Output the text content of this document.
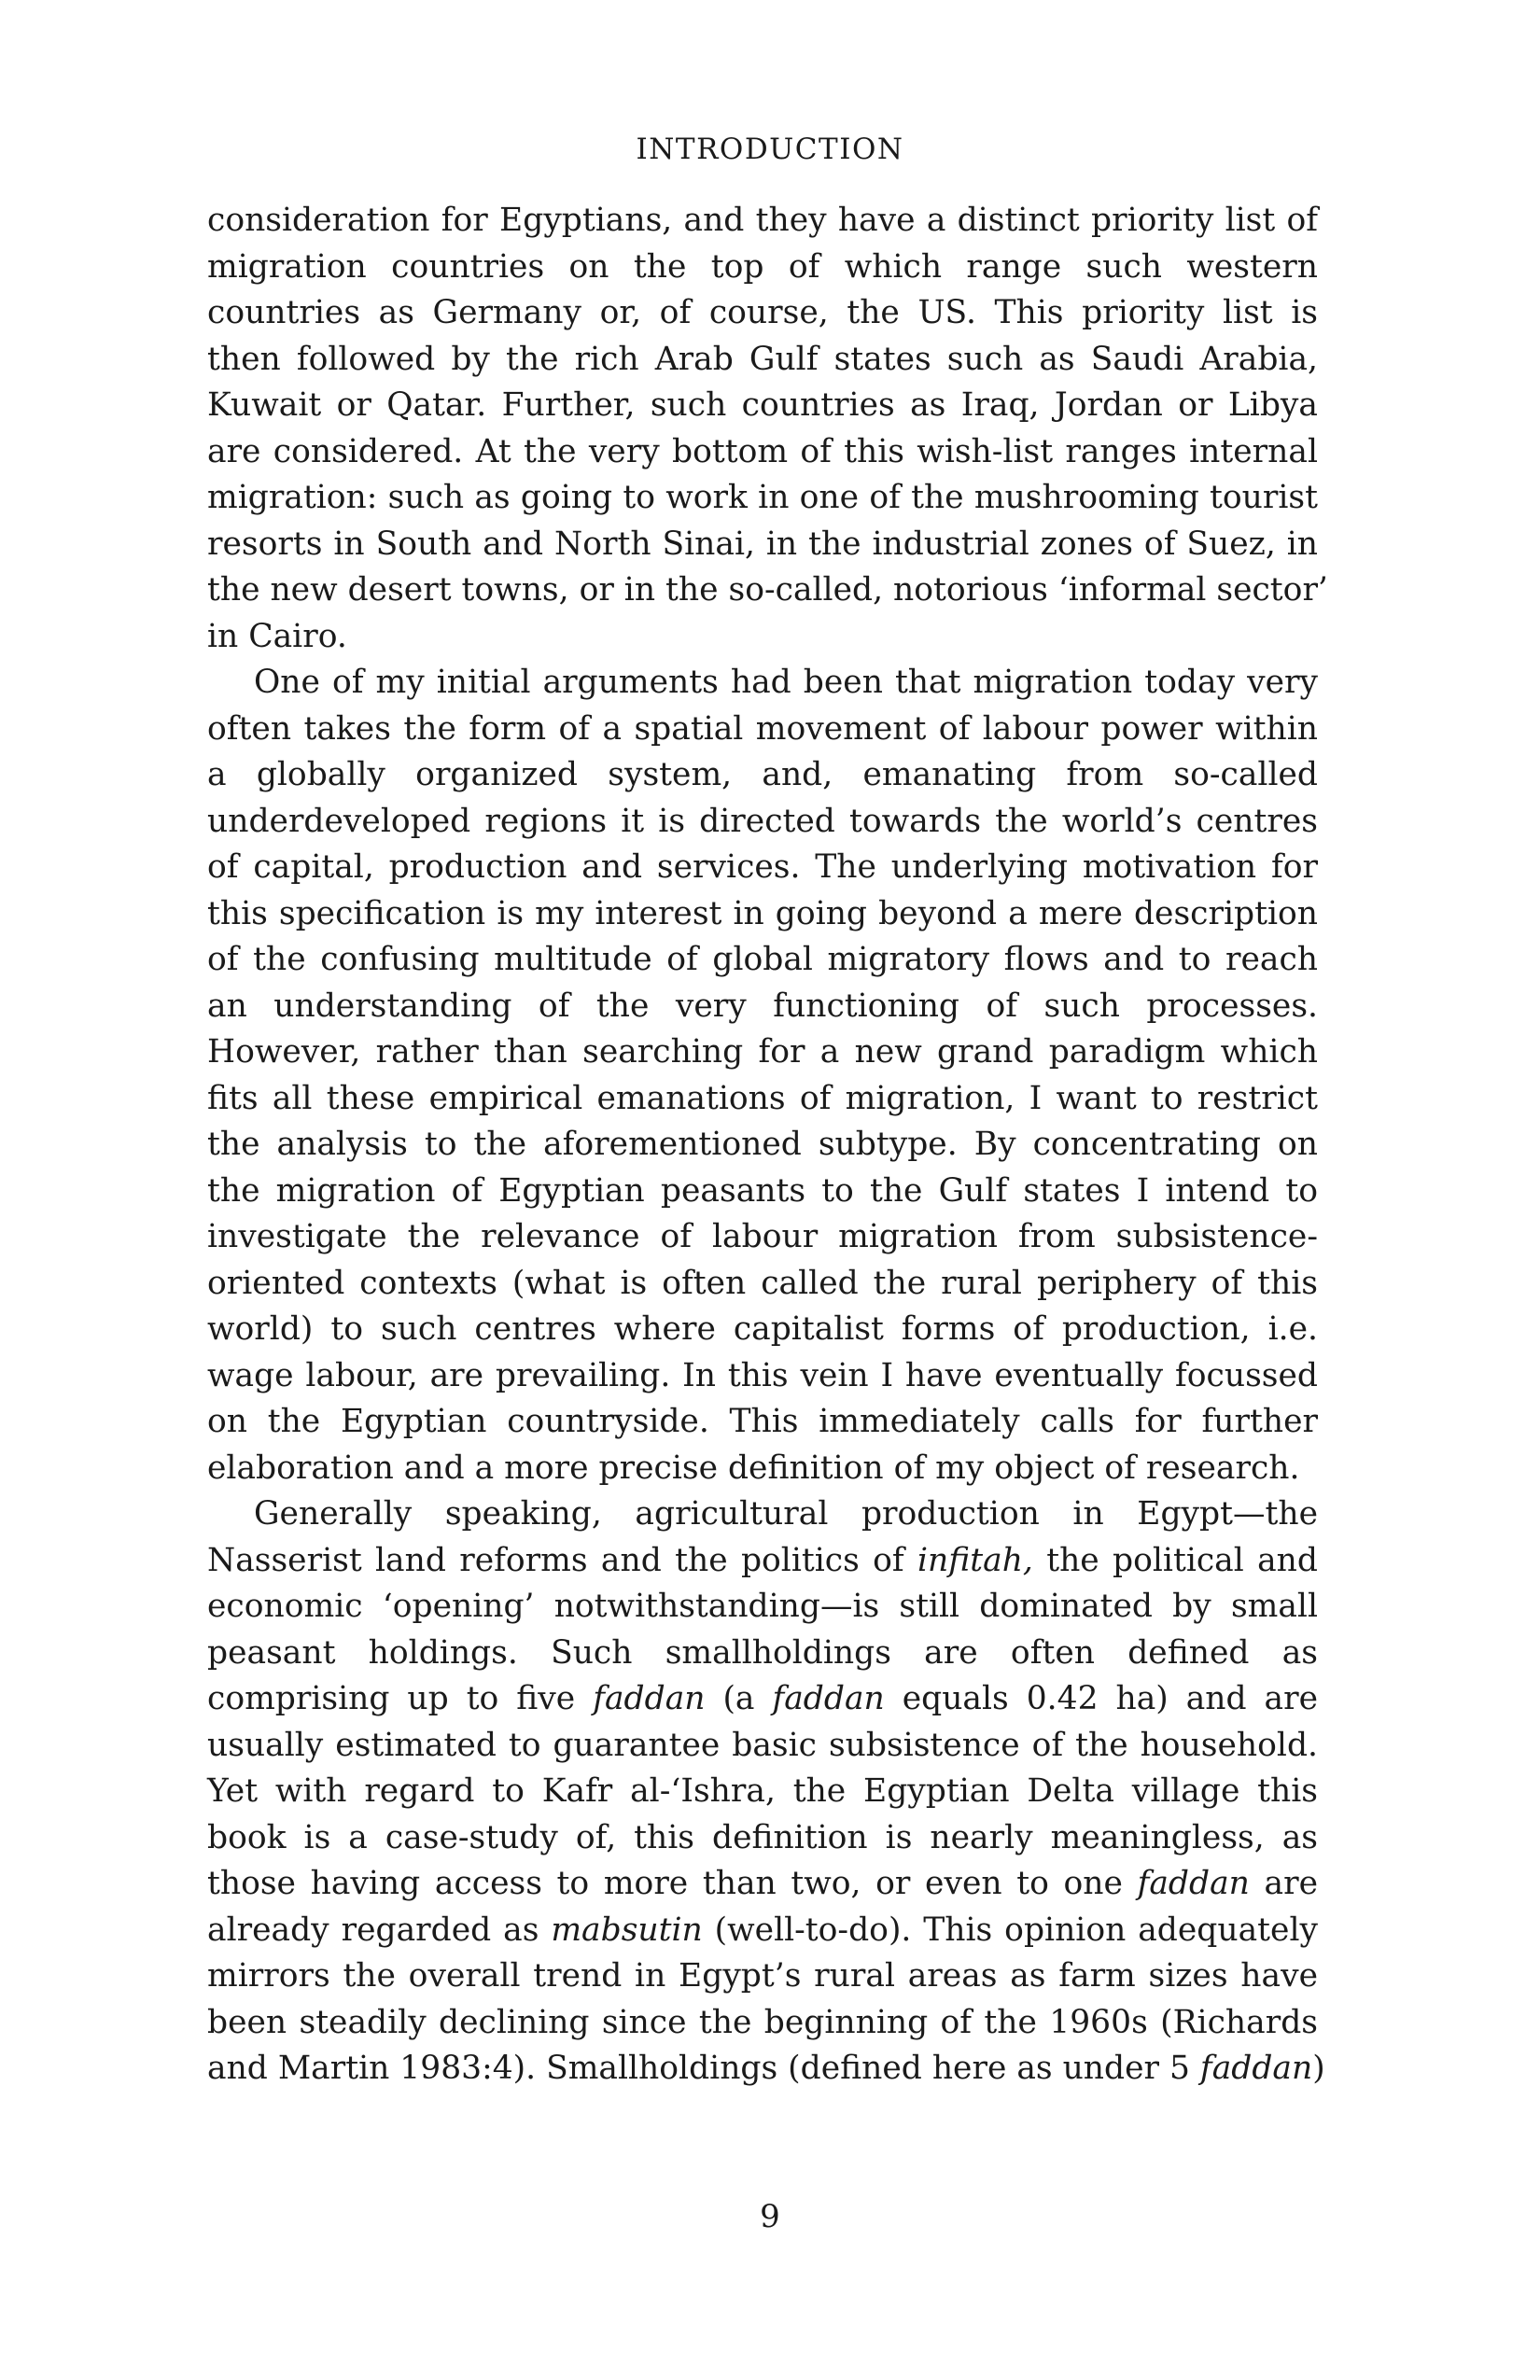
INTRODUCTION

consideration for Egyptians, and they have a distinct priority list of
migration countries on the top of which range such western
countries as Germany or, of course, the US. This priority list is
then followed by the rich Arab Gulf states such as Saudi Arabia,
Kuwait or Qatar. Further, such countries as Iraq, Jordan or Libya
are considered. At the very bottom of this wish-list ranges internal
migration: such as going to work in one of the mushrooming tourist
resorts in South and North Sinai, in the industrial zones of Suez, in
the new desert towns, or in the so-called, notorious ‘informal sector’
in Cairo.

One of my initial arguments had been that migration today very
often takes the form of a spatial movement of labour power within
a globally organized system, and, emanating from so-called
underdeveloped regions it is directed towards the world’s centres
of capital, production and services. The underlying motivation for
this specification is my interest in going beyond a mere description
of the confusing multitude of global migratory flows and to reach
an understanding of the very functioning of such processes.
However, rather than searching for a new grand paradigm which
fits all these empirical emanations of migration, I want to restrict
the analysis to the aforementioned subtype. By concentrating on
the migration of Egyptian peasants to the Gulf states I intend to
investigate the relevance of labour migration from subsistence-
oriented contexts (what is often called the rural periphery of this
world) to such centres where capitalist forms of production, i.e.
wage labour, are prevailing. In this vein I have eventually focussed
on the Egyptian countryside. This immediately calls for further
elaboration and a more precise definition of my object of research.

Generally speaking, agricultural production in Egypt—the
Nasserist land reforms and the politics of infitah, the political and
economic ‘opening’ notwithstanding—is still dominated by small
peasant holdings. Such smallholdings are often defined as
comprising up to five faddan (a faddan equals 0.42 ha) and are
usually estimated to guarantee basic subsistence of the household.
Yet with regard to Kafr al-‘Ishra, the Egyptian Delta village this
book is a case-study of, this definition is nearly meaningless, as
those having access to more than two, or even to one faddan are
already regarded as mabsutin (well-to-do). This opinion adequately
mirrors the overall trend in Egypt’s rural areas as farm sizes have
been steadily declining since the beginning of the 1960s (Richards
and Martin 1983:4). Smallholdings (defined here as under 5 faddan)

9
